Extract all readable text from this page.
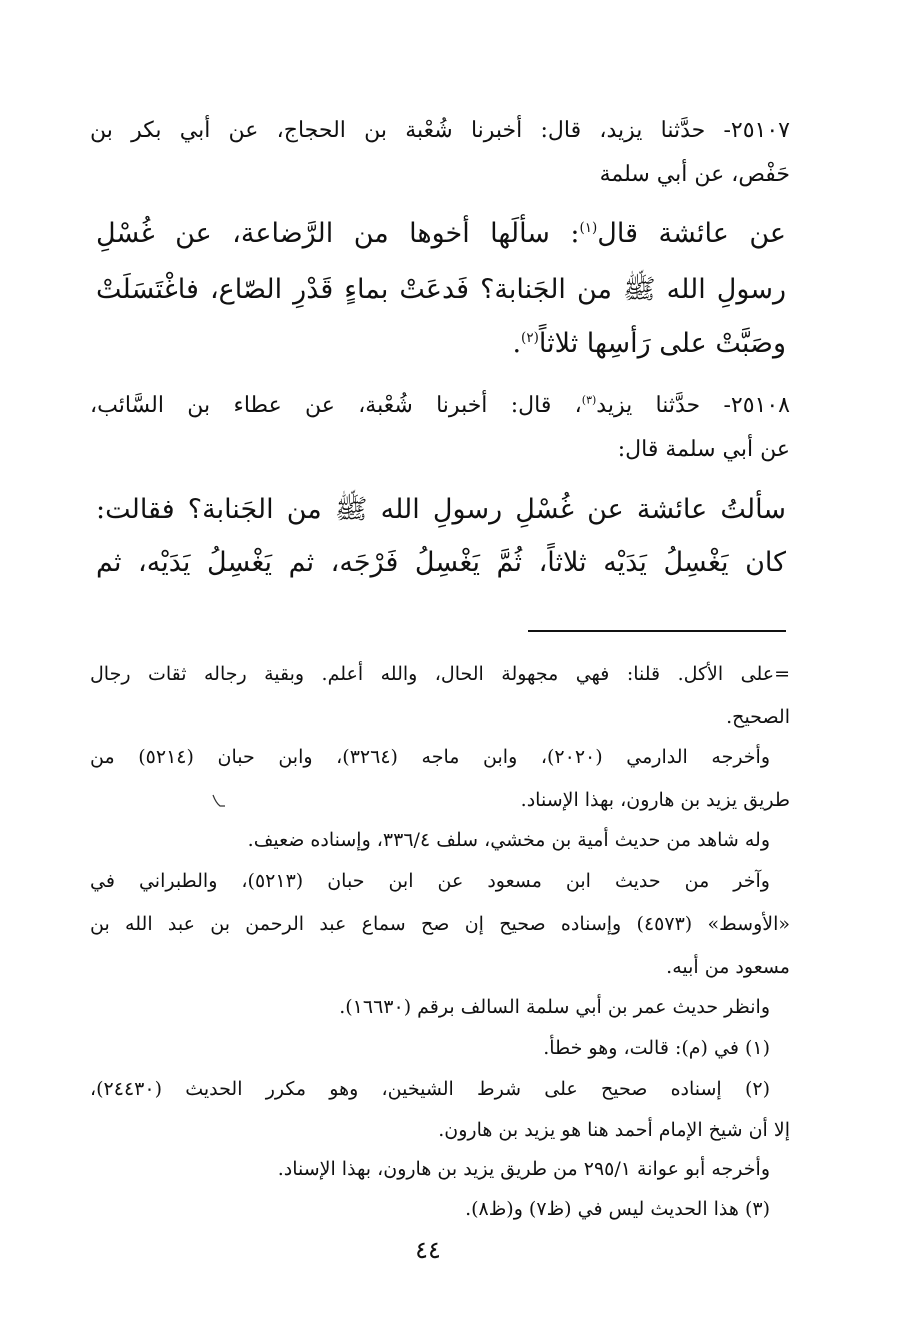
٢٥١٠٧- حدَّثنا يزيد، قال: أخبرنا شُعْبة بن الحجاج، عن أبي بكر بن
حَفْص، عن أبي سلمة
عن عائشة قال$^{(١)}$: سألَها أخوها من الرَّضاعة، عن غُسْلِ
رسولِ الله ﷺ من الجَنابة؟ فَدعَتْ بماءٍ قَدْرِ الصّاع، فاغْتَسَلَتْ
وصَبَّتْ على رَأسِها ثلاثاً$^{(٢)}$.
٢٥١٠٨- حدَّثنا يزيد$^{(٣)}$، قال: أخبرنا شُعْبة، عن عطاء بن السَّائب،
عن أبي سلمة قال:
سألتُ عائشة عن غُسْلِ رسولِ الله ﷺ من الجَنابة؟ فقالت:
كان يَغْسِلُ يَدَيْه ثلاثاً، ثُمَّ يَغْسِلُ فَرْجَه، ثم يَغْسِلُ يَدَيْه، ثم
=على الأكل. قلنا: فهي مجهولة الحال، والله أعلم. وبقية رجاله ثقات رجال
الصحيح.
وأخرجه الدارمي (٢٠٢٠)، وابن ماجه (٣٢٦٤)، وابن حبان (٥٢١٤) من
طريق يزيد بن هارون، بهذا الإسناد.
وله شاهد من حديث أمية بن مخشي، سلف ٣٣٦/٤، وإسناده ضعيف.
وآخر من حديث ابن مسعود عن ابن حبان (٥٢١٣)، والطبراني في
«الأوسط» (٤٥٧٣) وإسناده صحيح إن صح سماع عبد الرحمن بن عبد الله بن
مسعود من أبيه.
وانظر حديث عمر بن أبي سلمة السالف برقم (١٦٦٣٠).
(١) في (م): قالت، وهو خطأ.
(٢) إسناده صحيح على شرط الشيخين، وهو مكرر الحديث (٢٤٤٣٠)،
إلا أن شيخ الإمام أحمد هنا هو يزيد بن هارون.
وأخرجه أبو عوانة ٢٩٥/١ من طريق يزيد بن هارون، بهذا الإسناد.
(٣) هذا الحديث ليس في (ظ٧) و(ظ٨).
٤٤
